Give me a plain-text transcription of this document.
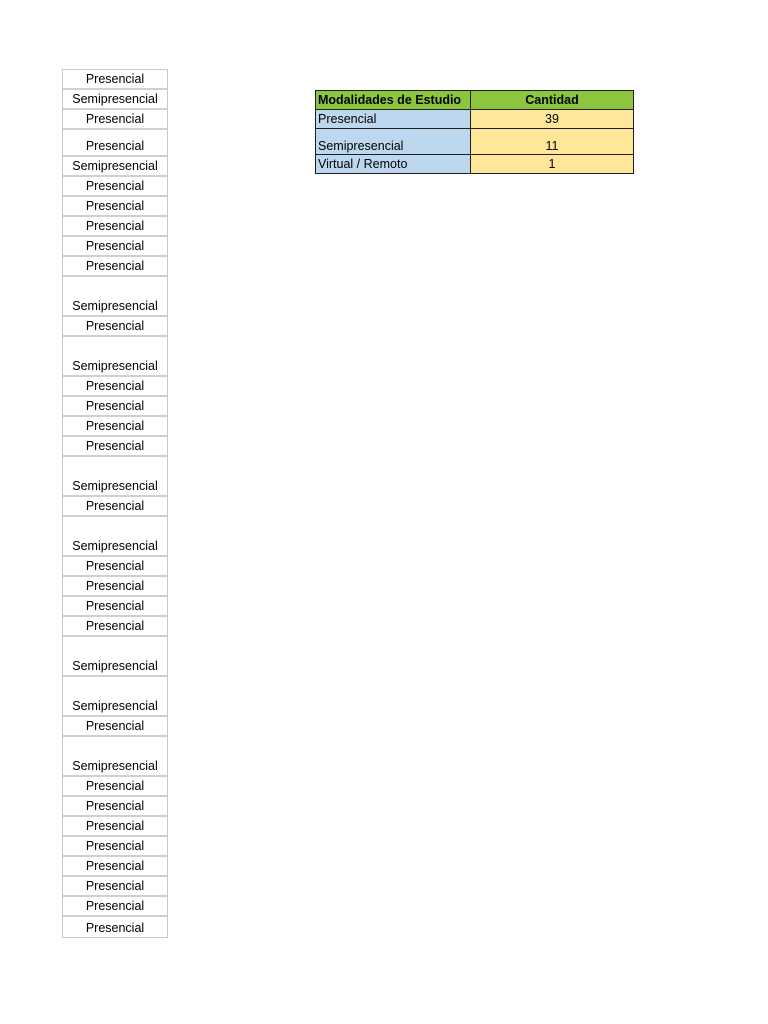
Presencial
Semipresencial
Presencial
Presencial
Semipresencial
Presencial
Presencial
Presencial
Presencial
Presencial
Semipresencial
Presencial
Semipresencial
Presencial
Presencial
Presencial
Presencial
Semipresencial
Presencial
Semipresencial
Presencial
Presencial
Presencial
Presencial
Semipresencial
Semipresencial
Presencial
Semipresencial
Presencial
Presencial
Presencial
Presencial
Presencial
Presencial
Presencial
Presencial
Modalidades de Estudio	Cantidad
Presencial	39
Semipresencial	11
Virtual / Remoto	1
